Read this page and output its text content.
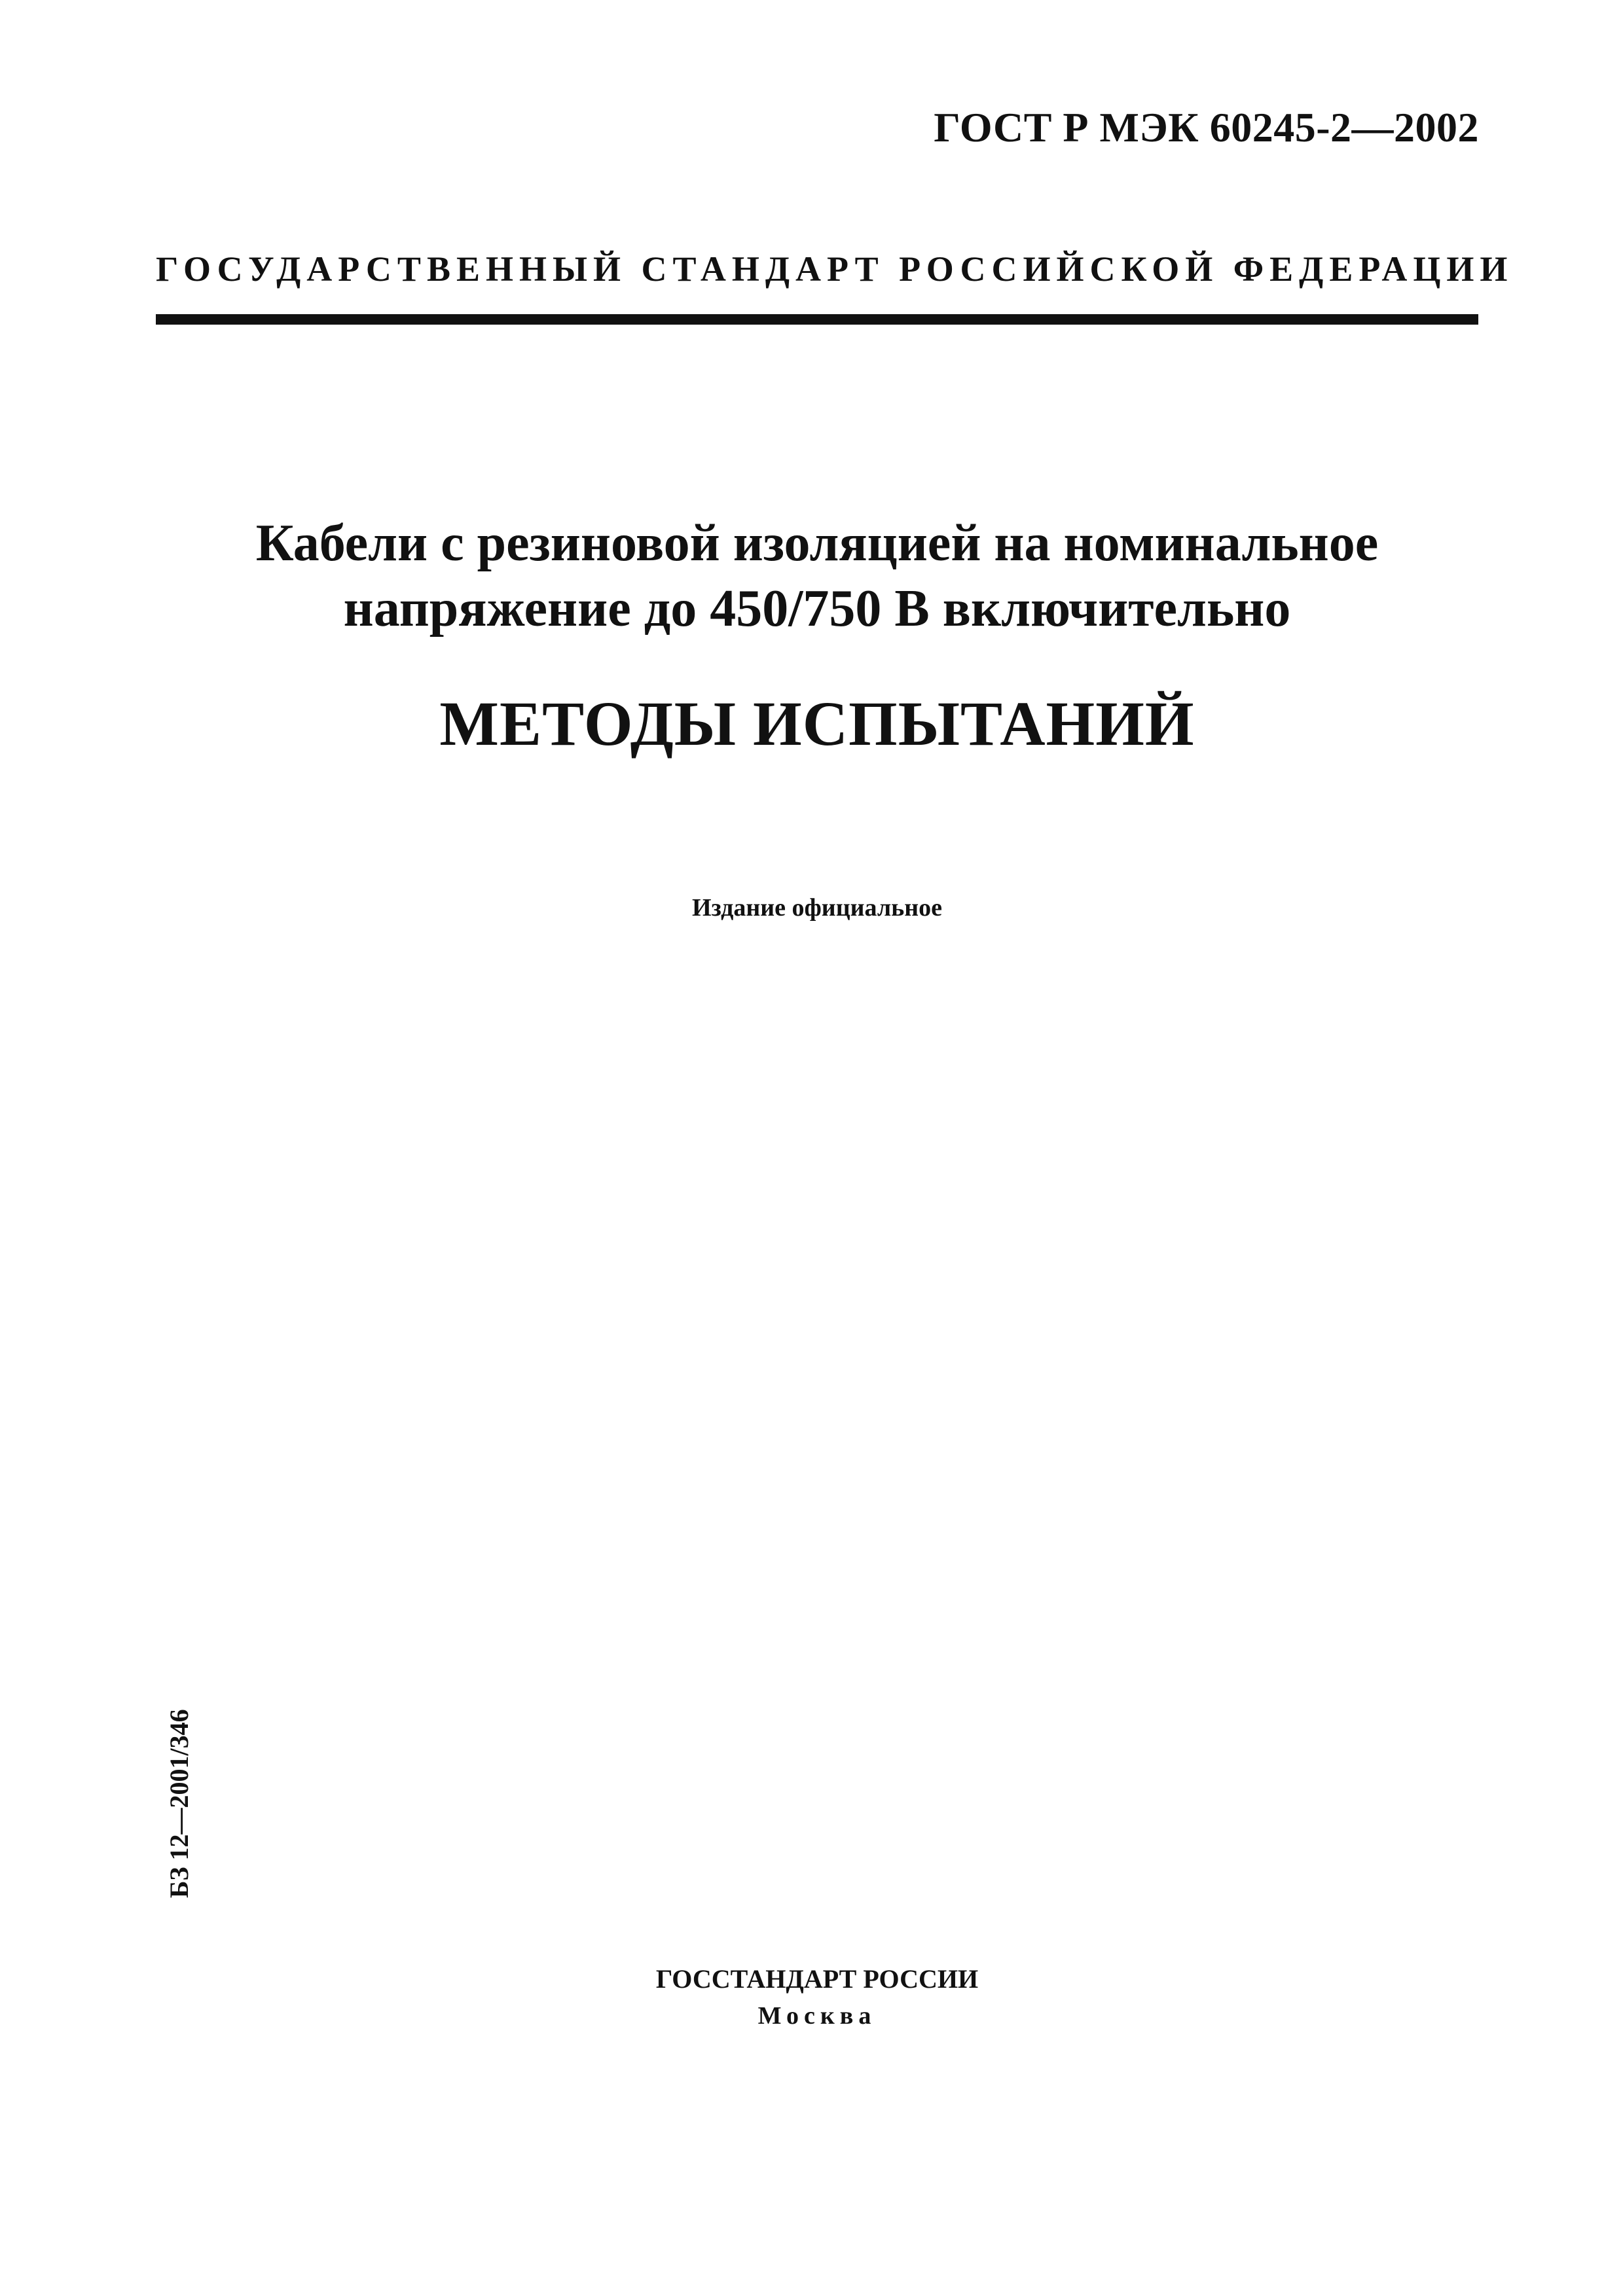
ГОСТ Р МЭК 60245-2—2002
ГОСУДАРСТВЕННЫЙ СТАНДАРТ РОССИЙСКОЙ ФЕДЕРАЦИИ
Кабели с резиновой изоляцией на номинальное
напряжение до 450/750 В включительно
МЕТОДЫ ИСПЫТАНИЙ
Издание официальное
БЗ 12—2001/346
ГОССТАНДАРТ РОССИИ
Москва
